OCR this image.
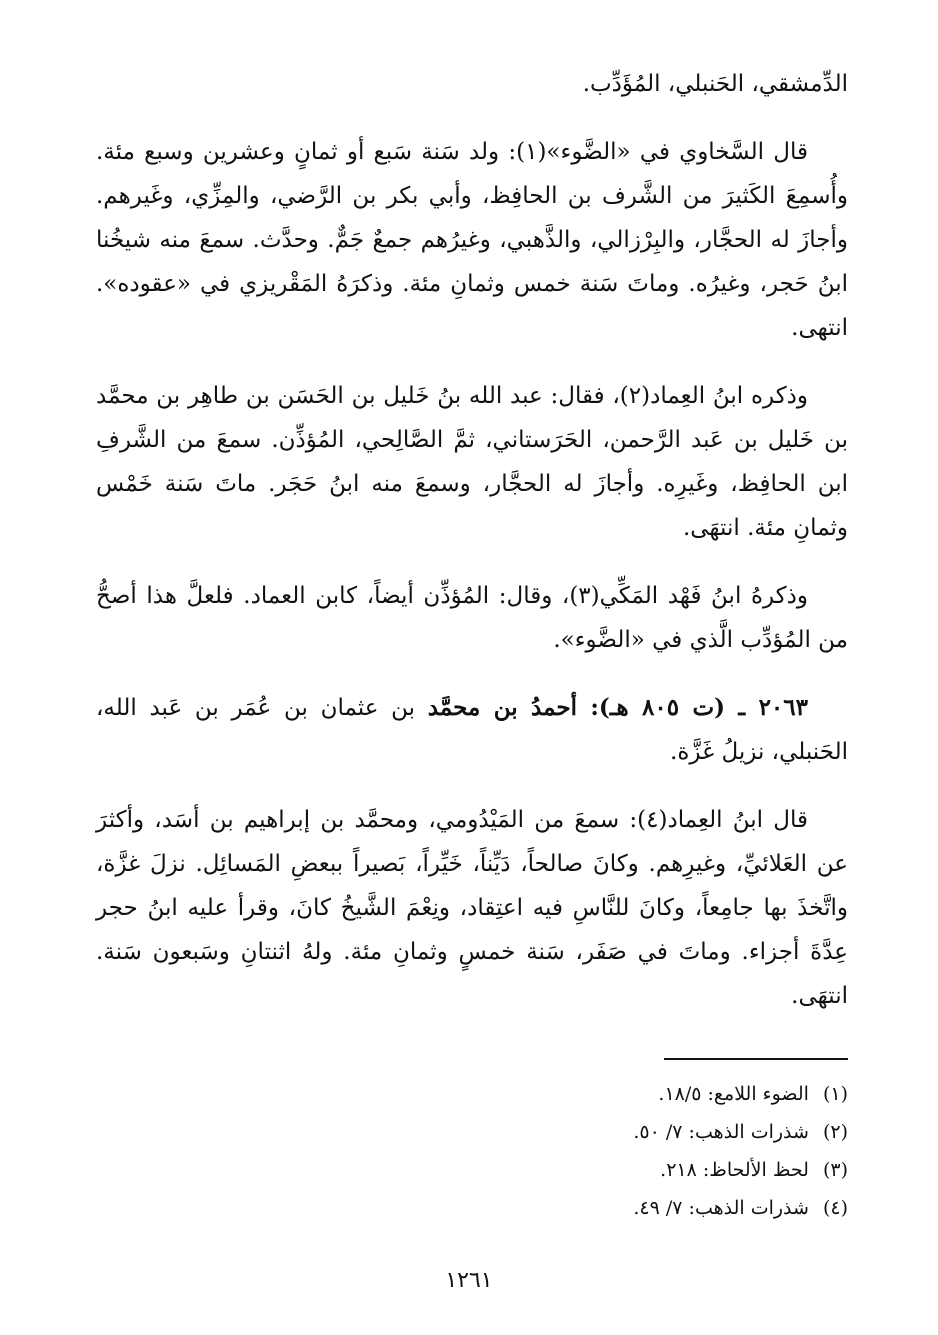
الدِّمشقي، الحَنبلي، المُؤَدِّب.

قال السَّخاوي في «الضَّوء»(١): ولد سَنة سَبع أو ثمانٍ وعشرين وسبع مئة. وأُسمِعَ الكَثيرَ من الشَّرف بن الحافِظ، وأبي بكر بن الرَّضي، والمِزِّي، وغَيرهم. وأجازَ له الحجَّار، والبِرْزالي، والذَّهبي، وغيرُهم جمعٌ جَمٌّ. وحدَّث. سمعَ منه شيخُنا ابنُ حَجر، وغيرُه. وماتَ سَنة خمس وثمانِ مئة. وذكرَهُ المَقْريزي في «عقوده». انتهى.

وذكره ابنُ العِماد(٢)، فقال: عبد الله بنُ خَليل بن الحَسَن بن طاهِر بن محمَّد بن خَليل بن عَبد الرَّحمن، الحَرَستاني، ثمَّ الصَّالِحي، المُؤذِّن. سمعَ من الشَّرفِ ابن الحافِظ، وغَيرِه. وأجازَ له الحجَّار، وسمعَ منه ابنُ حَجَر. ماتَ سَنة خَمْس وثمانِ مئة. انتهَى.

وذكرهُ ابنُ فَهْد المَكِّي(٣)، وقال: المُؤذِّن أيضاً، كابن العماد. فلعلَّ هذا أصحُّ من المُؤدِّب الَّذي في «الضَّوء».

٢٠٦٣ ـ (ت ٨٠٥ هـ): أحمدُ بن محمَّد بن عثمان بن عُمَر بن عَبد الله، الحَنبلي، نزيلُ غَزَّة.

قال ابنُ العِماد(٤): سمعَ من المَيْدُومي، ومحمَّد بن إبراهيم بن أسَد، وأكثرَ عن العَلائيِّ، وغيرِهم. وكانَ صالحاً، دَيِّناً، خَيِّراً، بَصيراً ببعضِ المَسائِل. نزلَ غزَّة، واتَّخذَ بها جامِعاً، وكانَ للنَّاسِ فيه اعتِقاد، ونِعْمَ الشَّيخُ كانَ، وقرأ عليه ابنُ حجر عِدَّةَ أجزاء. وماتَ في صَفَر، سَنة خمسٍ وثمانِ مئة. ولهُ اثنتانِ وسَبعون سَنة. انتهَى.

(١)الضوء اللامع: ١٨/٥.

(٢)شذرات الذهب: ٧/ ٥٠.

(٣)لحظ الألحاظ: ٢١٨.

(٤)شذرات الذهب: ٧/ ٤٩.

١٢٦١
